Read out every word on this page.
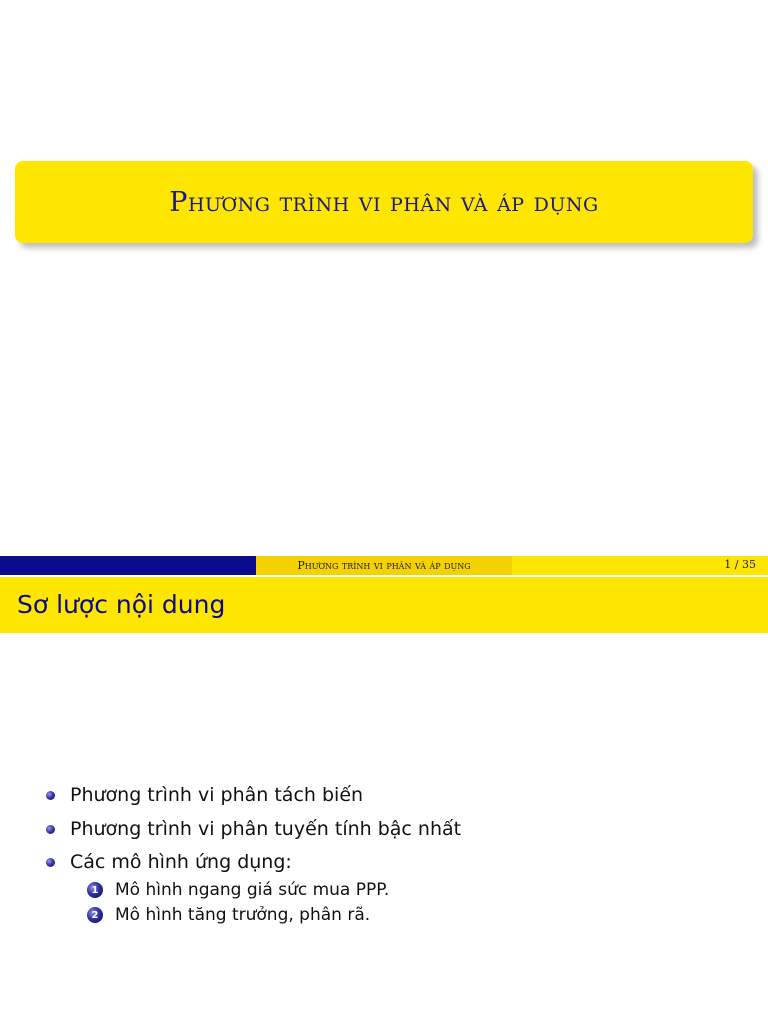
Phương trình vi phân và áp dụng
Phương trình vi phân và áp dụng	1 / 35
Sơ lược nội dung
Phương trình vi phân tách biến
Phương trình vi phân tuyến tính bậc nhất
Các mô hình ứng dụng:
1 Mô hình ngang giá sức mua PPP.
2 Mô hình tăng trưởng, phân rã.
